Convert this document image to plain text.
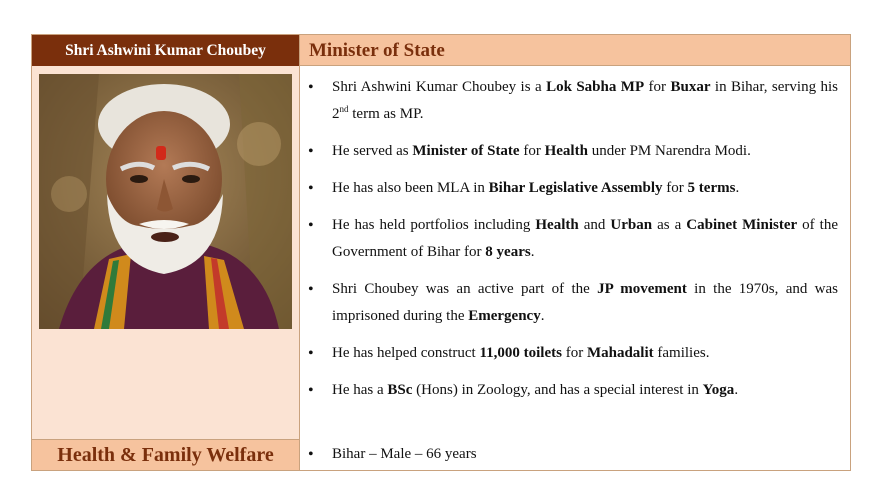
Shri Ashwini Kumar Choubey
Health & Family Welfare
Minister of State
• Shri Ashwini Kumar Choubey is a Lok Sabha MP for Buxar in Bihar, serving his 2nd term as MP.
• He served as Minister of State for Health under PM Narendra Modi.
• He has also been MLA in Bihar Legislative Assembly for 5 terms.
• He has held portfolios including Health and Urban as a Cabinet Minister of the Government of Bihar for 8 years.
• Shri Choubey was an active part of the JP movement in the 1970s, and was imprisoned during the Emergency.
• He has helped construct 11,000 toilets for Mahadalit families.
• He has a BSc (Hons) in Zoology, and has a special interest in Yoga.
• Bihar – Male – 66 years
